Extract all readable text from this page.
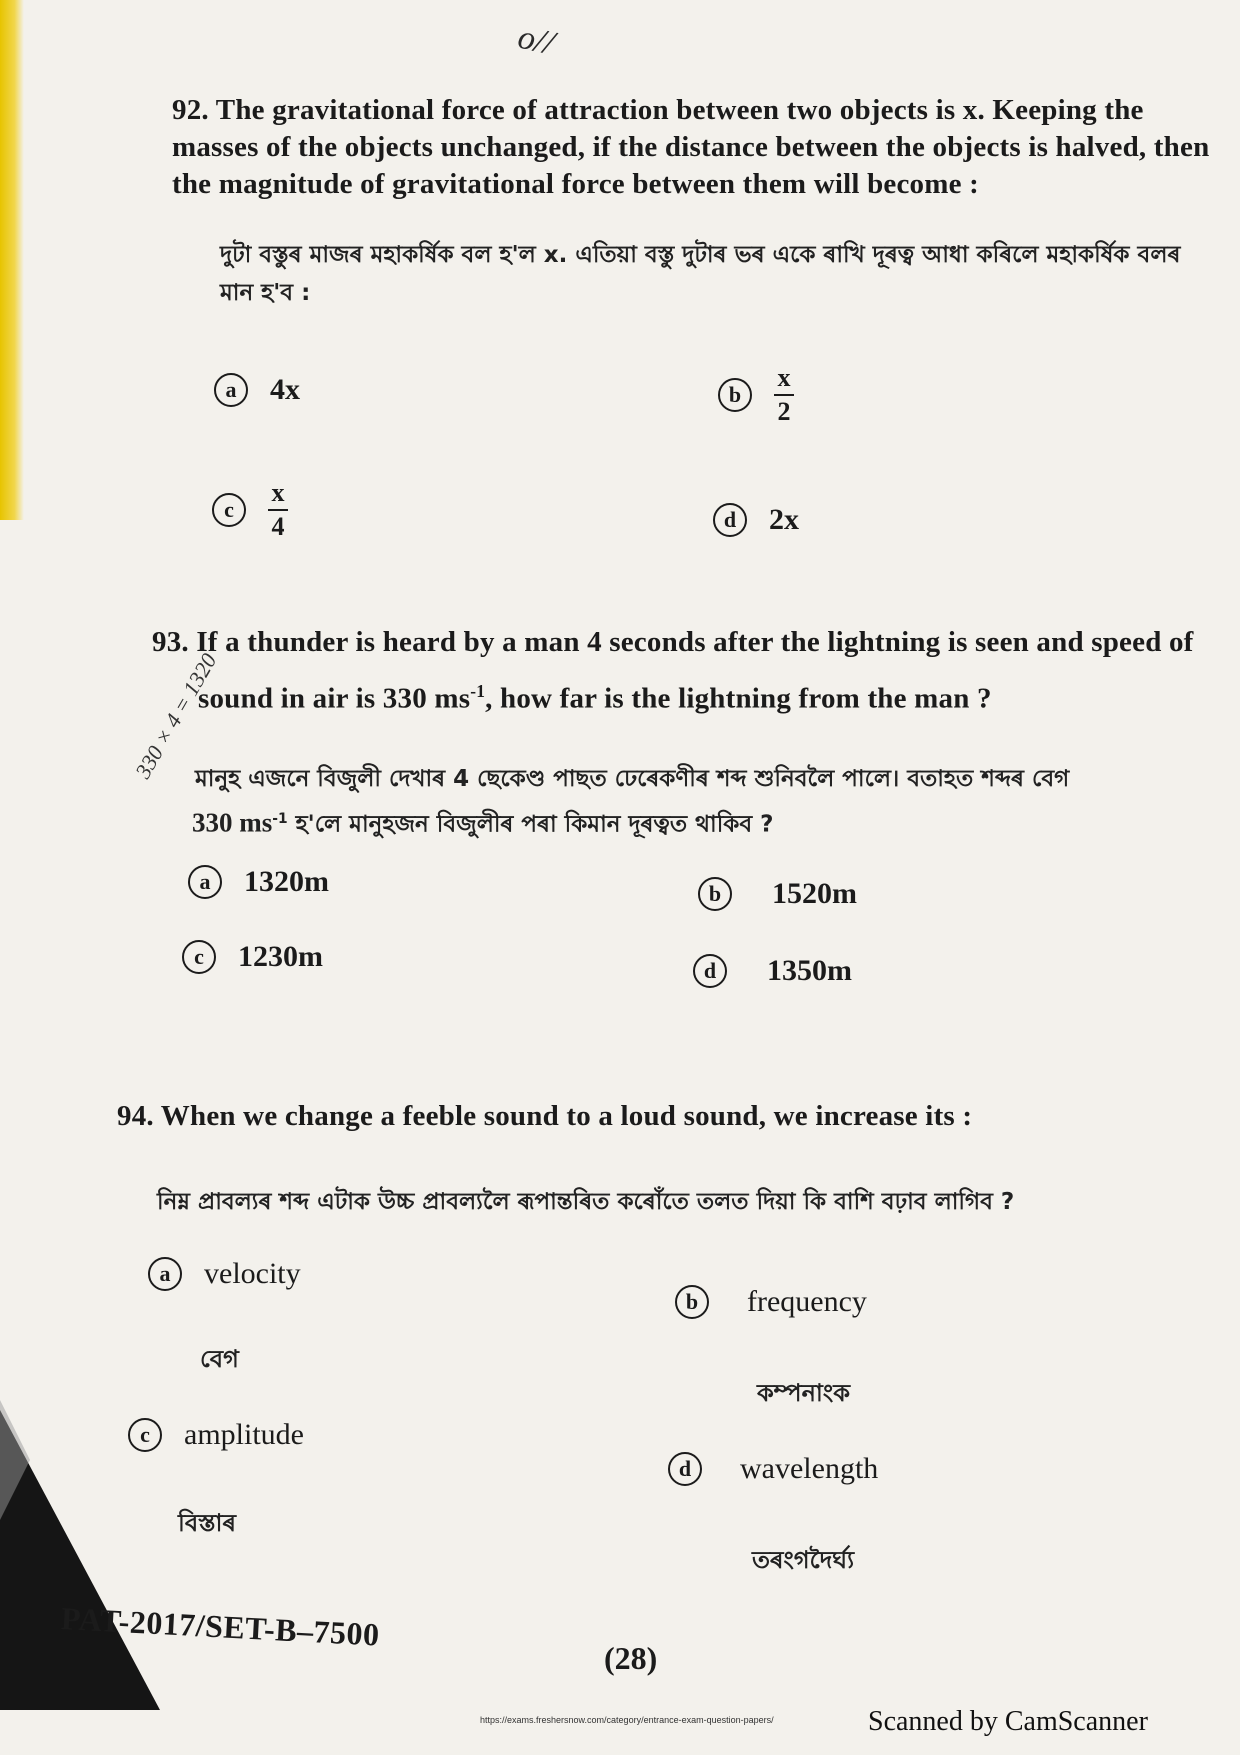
o//
92. The gravitational force of attraction between two objects is x. Keeping the masses of the objects unchanged, if the distance between the objects is halved, then the magnitude of gravitational force between them will become :
দুটা বস্তুৰ মাজৰ মহাকৰ্ষিক বল হ'ল x. এতিয়া বস্তু দুটাৰ ভৰ একে ৰাখি দূৰত্ব আধা কৰিলে মহাকৰ্ষিক বলৰ মান হ'ব :
a	4x	b	$\frac{x}{2}$
c	$\frac{x}{4}$	d	2x
93. If a thunder is heard by a man 4 seconds after the lightning is seen and speed of
sound in air is 330 $ms^{-1}$, how far is the lightning from the man ?
330 × 4 = 1320
মানুহ এজনে বিজুলী দেখাৰ 4 ছেকেণ্ড পাছত ঢেৰেকণীৰ শব্দ শুনিবলৈ পালে। বতাহত শব্দৰ বেগ
330 $ms^{-1}$ হ'লে মানুহজন বিজুলীৰ পৰা কিমান দূৰত্বত থাকিব ?
a	1320m	b	1520m
c	1230m	d	1350m
94. When we change a feeble sound to a loud sound, we increase its :
নিম্ন প্ৰাবল্যৰ শব্দ এটাক উচ্চ প্ৰাবল্যলৈ ৰূপান্তৰিত কৰোঁতে তলত দিয়া কি বাশি বঢ়াব লাগিব ?
a	velocity
বেগ
b	frequency
কম্পনাংক
c	amplitude
বিস্তাৰ
d	wavelength
তৰংগদৈৰ্ঘ্য
PAT-2017/SET-B–7500
(28)
https://exams.freshersnow.com/category/entrance-exam-question-papers/	Scanned by CamScanner
